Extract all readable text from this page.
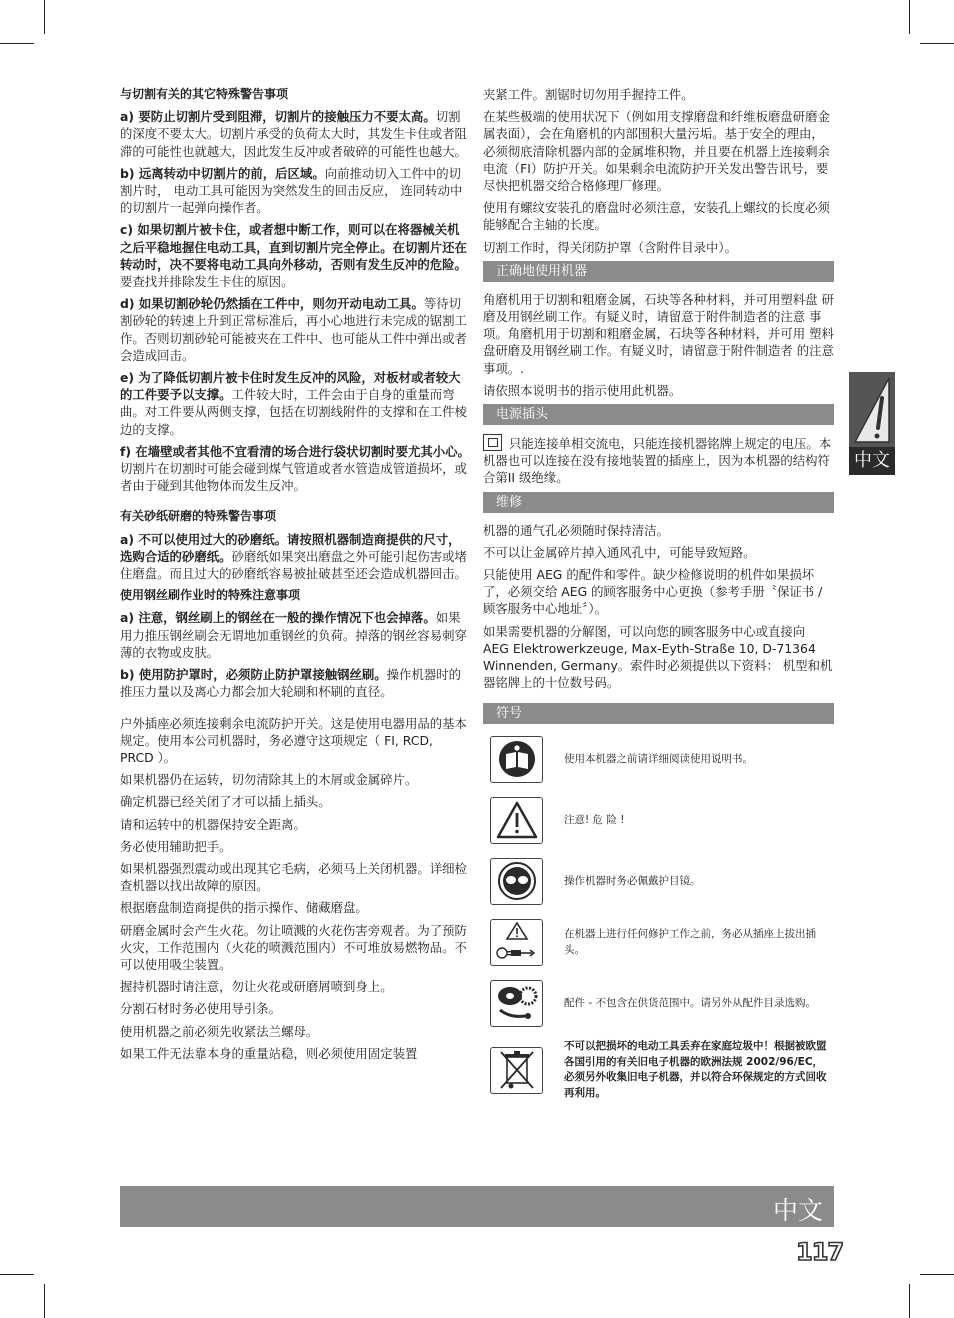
与切割有关的其它特殊警告事项

a) 要防止切割片受到阻滞，切割片的接触压力不要太高。切割的深度不要太大。切割片承受的负荷太大时，其发生卡住或者阻滞的可能性也就越大，因此发生反冲或者破碎的可能性也越大。

b) 远离转动中切割片的前，后区域。向前推动切入工件中的切割片时， 电动工具可能因为突然发生的回击反应， 连同转动中的切割片一起弹向操作者。

c) 如果切割片被卡住，或者想中断工作，则可以在将器械关机之后平稳地握住电动工具，直到切割片完全停止。在切割片还在转动时，决不要将电动工具向外移动，否则有发生反冲的危险。要查找并排除发生卡住的原因。

d) 如果切割砂轮仍然插在工件中，则勿开动电动工具。等待切割砂轮的转速上升到正常标准后，再小心地进行未完成的锯割工作。否则切割砂轮可能被夹在工件中、也可能从工件中弹出或者会造成回击。

e) 为了降低切割片被卡住时发生反冲的风险，对板材或者较大的工件要予以支撑。工件较大时，工件会由于自身的重量而弯曲。对工件要从两侧支撑，包括在切割线附件的支撑和在工件棱边的支撑。

f) 在墙壁或者其他不宜看清的场合进行袋状切割时要尤其小心。切割片在切割时可能会碰到煤气管道或者水管造成管道损坏，或者由于碰到其他物体而发生反冲。

有关砂纸研磨的特殊警告事项

a) 不可以使用过大的砂磨纸。请按照机器制造商提供的尺寸，选购合适的砂磨纸。砂磨纸如果突出磨盘之外可能引起伤害或堵住磨盘。而且过大的砂磨纸容易被扯破甚至还会造成机器回击。

使用钢丝刷作业时的特殊注意事项

a) 注意，钢丝刷上的钢丝在一般的操作情况下也会掉落。如果用力推压钢丝刷会无谓地加重钢丝的负荷。掉落的钢丝容易刺穿薄的衣物或皮肤。

b) 使用防护罩时，必须防止防护罩接触钢丝刷。操作机器时的推压力量以及离心力都会加大轮刷和杯刷的直径。

户外插座必须连接剩余电流防护开关。这是使用电器用品的基本规定。使用本公司机器时，务必遵守这项规定（ FI, RCD, PRCD ）。

如果机器仍在运转，切勿清除其上的木屑或金属碎片。

确定机器已经关闭了才可以插上插头。

请和运转中的机器保持安全距离。

务必使用辅助把手。

如果机器强烈震动或出现其它毛病，必须马上关闭机器。详细检查机器以找出故障的原因。

根据磨盘制造商提供的指示操作、储藏磨盘。

研磨金属时会产生火花。勿让喷溅的火花伤害旁观者。为了预防火灾，工作范围内（火花的喷溅范围内）不可堆放易燃物品。不可以使用吸尘装置。

握持机器时请注意，勿让火花或研磨屑喷到身上。

分割石材时务必使用导引条。

使用机器之前必须先收紧法兰螺母。

如果工件无法靠本身的重量站稳，则必须使用固定装置

夹紧工件。割锯时切勿用手握持工件。

在某些极端的使用状况下（例如用支撑磨盘和纤维板磨盘研磨金属表面），会在角磨机的内部围积大量污垢。基于安全的理由，必须彻底清除机器内部的金属堆积物，并且要在机器上连接剩余电流（FI）防护开关。如果剩余电流防护开关发出警告讯号，要尽快把机器交给合格修理厂修理。

使用有螺纹安装孔的磨盘时必须注意，安装孔上螺纹的长度必须能够配合主轴的长度。

切割工作时，得关闭防护罩（含附件目录中）。

正确地使用机器

角磨机用于切割和粗磨金属，石块等各种材料，并可用塑料盘 研磨及用钢丝刷工作。有疑义时，请留意于附件制造者的注意 事项。角磨机用于切割和粗磨金属，石块等各种材料，并可用 塑料盘研磨及用钢丝刷工作。有疑义时，请留意于附件制造者 的注意事项。.

请依照本说明书的指示使用此机器。

电源插头

只能连接单相交流电，只能连接机器铭牌上规定的电压。本机器也可以连接在没有接地装置的插座上，因为本机器的结构符合第II 级绝缘。

维修

机器的通气孔必须随时保持清洁。

不可以让金属碎片掉入通风孔中，可能导致短路。

只能使用 AEG 的配件和零件。缺少检修说明的机件如果损坏了，必须交给 AEG 的顾客服务中心更换（参考手册〝保证书 / 顾客服务中心地址〞）。

如果需要机器的分解图，可以向您的顾客服务中心或直接向 AEG Elektrowerkzeuge, Max-Eyth-Straße 10, D-71364 Winnenden, Germany。索件时必须提供以下资料： 机型和机器铭牌上的十位数号码。

符号
使用本机器之前请详细阅读使用说明书。
注意! 危 险 !
操作机器时务必佩戴护目镜。
在机器上进行任何修护工作之前，务必从插座上拔出插头。
配件 - 不包含在供货范围中。请另外从配件目录选购。
不可以把损坏的电动工具丢弃在家庭垃圾中！根据被欧盟各国引用的有关旧电子机器的欧洲法规 2002/96/EC，必须另外收集旧电子机器，并以符合环保规定的方式回收再利用。
中文
中文
117
